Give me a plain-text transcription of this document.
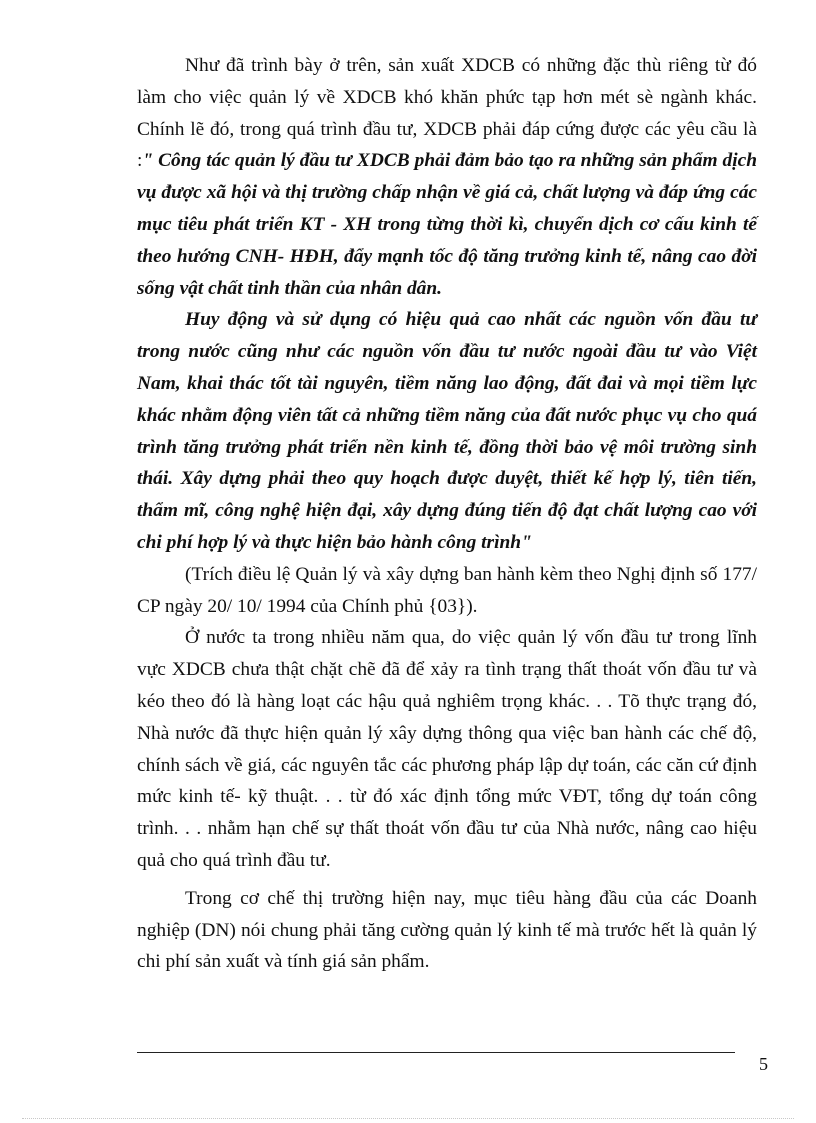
Như đã trình bày ở trên, sản xuất XDCB có những đặc thù riêng từ đó làm cho việc quản lý về XDCB khó khăn phức tạp hơn mét sè ngành khác. Chính lẽ đó, trong quá trình đầu tư, XDCB phải đáp cứng được các yêu cầu là :" Công tác quản lý đầu tư XDCB phải đảm bảo tạo ra những sản phẩm dịch vụ được xã hội và thị trường chấp nhận về giá cả, chất lượng và đáp ứng các mục tiêu phát triển KT - XH trong từng thời kì, chuyển dịch cơ cấu kinh tế theo hướng CNH- HĐH, đẩy mạnh tốc độ tăng trưởng kinh tế, nâng cao đời sống vật chất tinh thần của nhân dân.

Huy động và sử dụng có hiệu quả cao nhất các nguồn vốn đầu tư trong nước cũng như các nguồn vốn đầu tư nước ngoài đầu tư vào Việt Nam, khai thác tốt tài nguyên, tiềm năng lao động, đất đai và mọi tiềm lực khác nhằm động viên tất cả những tiềm năng của đất nước phục vụ cho quá trình tăng trưởng phát triển nền kinh tế, đồng thời bảo vệ môi trường sinh thái. Xây dựng phải theo quy hoạch được duyệt, thiết kế hợp lý, tiên tiến, thẩm mĩ, công nghệ hiện đại, xây dựng đúng tiến độ đạt chất lượng cao với chi phí hợp lý và thực hiện bảo hành công trình"

(Trích điều lệ Quản lý và xây dựng ban hành kèm theo Nghị định số 177/ CP ngày 20/ 10/ 1994 của Chính phủ {03}).

Ở nước ta trong nhiều năm qua, do việc quản lý vốn đầu tư trong lĩnh vực XDCB chưa thật chặt chẽ đã để xảy ra tình trạng thất thoát vốn đầu tư và kéo theo đó là hàng loạt các hậu quả nghiêm trọng khác. . . Tõ thực trạng đó, Nhà nước đã thực hiện quản lý xây dựng thông qua việc ban hành các chế độ, chính sách về giá, các nguyên tắc các phương pháp lập dự toán, các căn cứ định mức kinh tế- kỹ thuật. . . từ đó xác định tổng mức VĐT, tổng dự toán công trình. . . nhằm hạn chế sự thất thoát vốn đầu tư của Nhà nước, nâng cao hiệu quả cho quá trình đầu tư.

Trong cơ chế thị trường hiện nay, mục tiêu hàng đầu của các Doanh nghiệp (DN) nói chung phải tăng cường quản lý kinh tế mà trước hết là quản lý chi phí sản xuất và tính giá sản phẩm.

5
